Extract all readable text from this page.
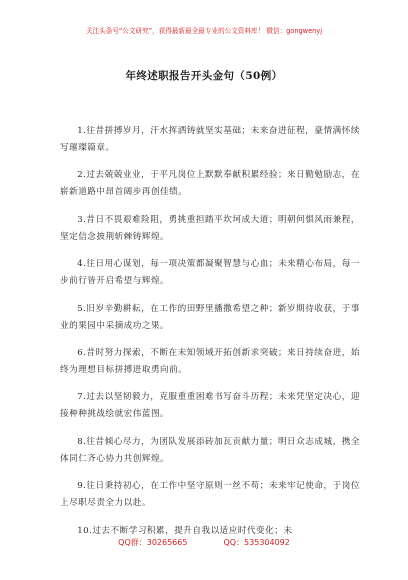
关注头条号“公文研究”，获得最新最全最专业的公文资料库！ 微信：gongwenyj
年终述职报告开头金句（50例）

1.往昔拼搏岁月，汗水挥洒铸就坚实基础；未来奋进征程，豪情满怀续写璀璨篇章。

2.过去兢兢业业，于平凡岗位上默默奉献积累经验；来日勤勉励志，在崭新道路中昂首阔步再创佳绩。

3.昔日不畏艰难险阻，勇挑重担踏平坎坷成大道；明朝何惧风雨兼程，坚定信念披荆斩棘铸辉煌。

4.往日用心谋划，每一项决策都凝聚智慧与心血；未来精心布局，每一步前行皆开启希望与辉煌。

5.旧岁辛勤耕耘，在工作的田野里播撒希望之种；新岁期待收获，于事业的果园中采摘成功之果。

6.昔时努力探索，不断在未知领域开拓创新求突破；来日持续奋进，始终为理想目标拼搏进取勇向前。

7.过去以坚韧毅力，克服重重困难书写奋斗历程；未来凭坚定决心，迎接种种挑战绘就宏伟蓝图。

8.往昔倾心尽力，为团队发展添砖加瓦贡献力量；明日众志成城，携全体同仁齐心协力共创辉煌。

9.往日秉持初心，在工作中坚守原则一丝不苟；未来牢记使命，于岗位上尽职尽责全力以赴。

10.过去不断学习积累，提升自我以适应时代变化；未

QQ群：30265665	QQ：535304092
